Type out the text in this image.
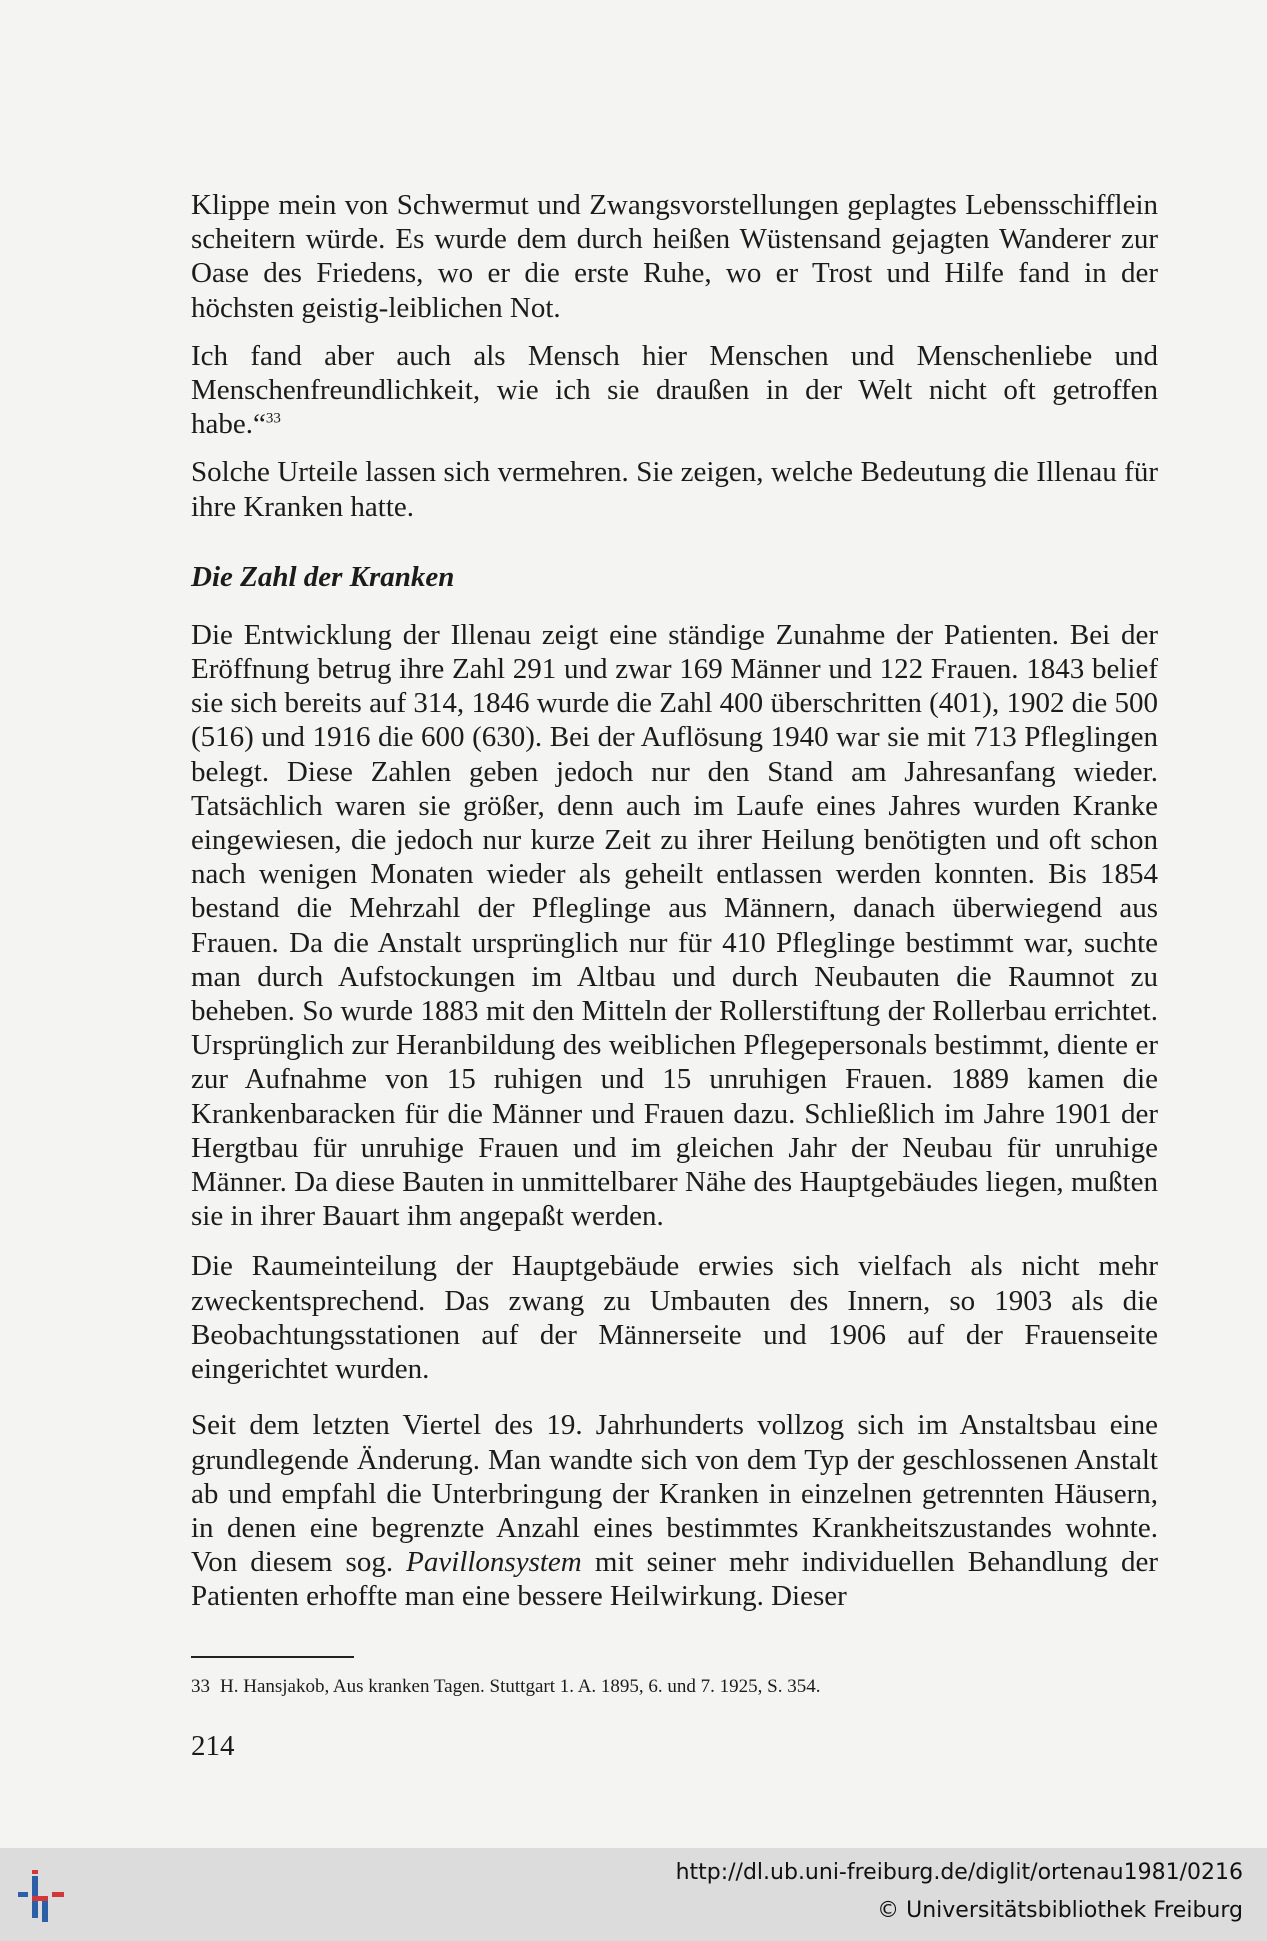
Klippe mein von Schwermut und Zwangsvorstellungen geplagtes Lebensschifflein scheitern würde. Es wurde dem durch heißen Wüstensand gejagten Wanderer zur Oase des Friedens, wo er die erste Ruhe, wo er Trost und Hilfe fand in der höchsten geistig-leiblichen Not.

Ich fand aber auch als Mensch hier Menschen und Menschenliebe und Menschenfreundlichkeit, wie ich sie draußen in der Welt nicht oft getroffen habe.“$^{33}$

Solche Urteile lassen sich vermehren. Sie zeigen, welche Bedeutung die Illenau für ihre Kranken hatte.

Die Zahl der Kranken

Die Entwicklung der Illenau zeigt eine ständige Zunahme der Patienten. Bei der Eröffnung betrug ihre Zahl 291 und zwar 169 Männer und 122 Frauen. 1843 belief sie sich bereits auf 314, 1846 wurde die Zahl 400 überschritten (401), 1902 die 500 (516) und 1916 die 600 (630). Bei der Auflösung 1940 war sie mit 713 Pfleglingen belegt. Diese Zahlen geben jedoch nur den Stand am Jahresanfang wieder. Tatsächlich waren sie größer, denn auch im Laufe eines Jahres wurden Kranke eingewiesen, die jedoch nur kurze Zeit zu ihrer Heilung benötigten und oft schon nach wenigen Monaten wieder als geheilt entlassen werden konnten. Bis 1854 bestand die Mehrzahl der Pfleglinge aus Männern, danach überwiegend aus Frauen. Da die Anstalt ursprünglich nur für 410 Pfleglinge bestimmt war, suchte man durch Aufstockungen im Altbau und durch Neubauten die Raumnot zu beheben. So wurde 1883 mit den Mitteln der Rollerstiftung der Rollerbau errichtet. Ursprünglich zur Heranbildung des weiblichen Pflegepersonals bestimmt, diente er zur Aufnahme von 15 ruhigen und 15 unruhigen Frauen. 1889 kamen die Krankenbaracken für die Männer und Frauen dazu. Schließlich im Jahre 1901 der Hergtbau für unruhige Frauen und im gleichen Jahr der Neubau für unruhige Männer. Da diese Bauten in unmittelbarer Nähe des Hauptgebäudes liegen, mußten sie in ihrer Bauart ihm angepaßt werden.

Die Raumeinteilung der Hauptgebäude erwies sich vielfach als nicht mehr zweckentsprechend. Das zwang zu Umbauten des Innern, so 1903 als die Beobachtungsstationen auf der Männerseite und 1906 auf der Frauenseite eingerichtet wurden.

Seit dem letzten Viertel des 19. Jahrhunderts vollzog sich im Anstaltsbau eine grundlegende Änderung. Man wandte sich von dem Typ der geschlossenen Anstalt ab und empfahl die Unterbringung der Kranken in einzelnen getrennten Häusern, in denen eine begrenzte Anzahl eines bestimmtes Krankheitszustandes wohnte. Von diesem sog. Pavillonsystem mit seiner mehr individuellen Behandlung der Patienten erhoffte man eine bessere Heilwirkung. Dieser

33 H. Hansjakob, Aus kranken Tagen. Stuttgart 1. A. 1895, 6. und 7. 1925, S. 354.
214
http://dl.ub.uni-freiburg.de/diglit/ortenau1981/0216
© Universitätsbibliothek Freiburg
